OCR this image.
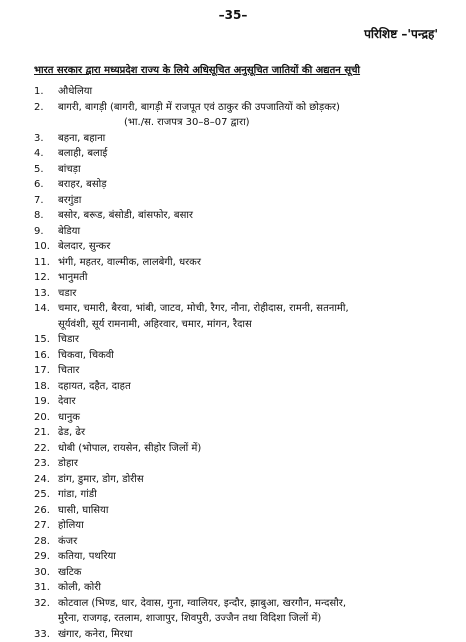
–35–
परिशिष्ट –'पन्द्रह'
भारत सरकार द्वारा मध्यप्रदेश राज्य के लिये अधिसूचित अनुसूचित जातियों की अद्यतन सूची
1.	औधेलिया
2.	बागरी, बागड़ी (बागरी, बागड़ी में राजपूत एवं ठाकुर की उपजातियों को छोड़कर)
(भा./स. राजपत्र 30–8–07 द्वारा)
3.	बहना, बहाना
4.	बलाही, बलाई
5.	बांचड़ा
6.	बराहर, बसोड़
7.	बरगुंडा
8.	बसोर, बरूड, बंसोडी, बांसफोर, बसार
9.	बेडिया
10. बेलदार, सुन्कर
11. भंगी, महतर, वाल्मीक, लालबेगी, धरकर
12. भानुमती
13. चडार
14. चमार, चमारी, बैरवा, भांबी, जाटव, मोची, रैगर, नौना, रोहीदास, रामनी, सतनामी,
सूर्यवंशी, सूर्य रामनामी, अहिरवार, चमार, मांगन, रैदास
15. चिडार
16. चिकवा, चिकवी
17. चितार
18. दहायत, दहैत, दाहत
19. देवार
20. धानुक
21. ढेड, ढेर
22. धोबी (भोपाल, रायसेन, सीहोर जिलों में)
23. डोहार
24. डांग, डुमार, डोग, डोरीस
25. गांडा, गांडी
26. घासी, घासिया
27. होलिया
28. कंजर
29. कतिया, पथरिया
30. खटिक
31. कोली, कोरी
32. कोटवाल (भिण्ड, धार, देवास, गुना, ग्वालियर, इन्दौर, झाबुआ, खरगौन, मन्दसौर,
मुरैना, राजगढ़, रतलाम, शाजापुर, शिवपुरी, उज्जैन तथा विदिशा जिलों में)
33. खंगार, कनेरा, मिरधा
